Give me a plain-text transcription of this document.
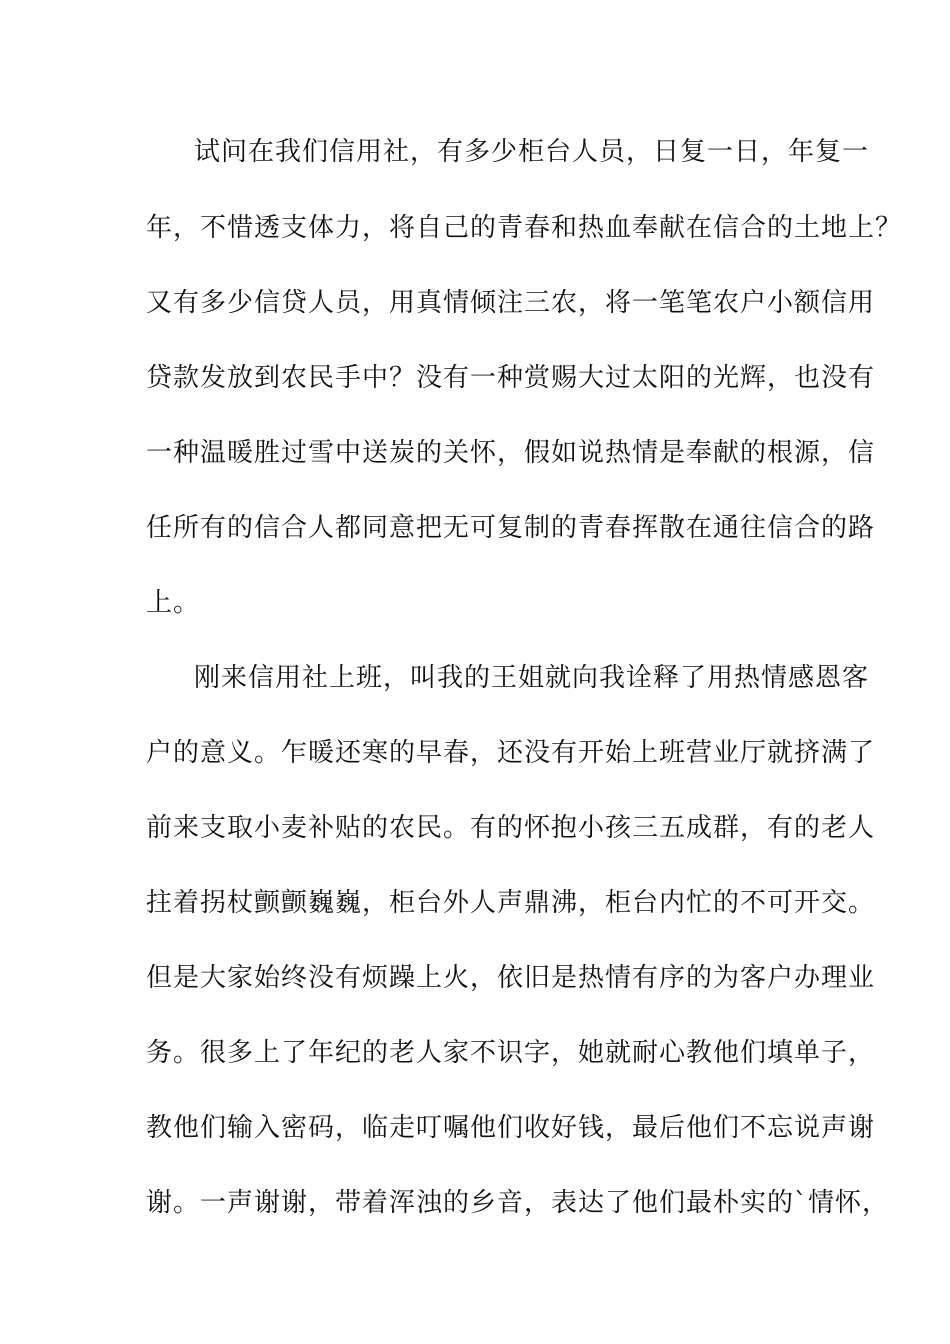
试问在我们信用社，有多少柜台人员，日复一日，年复一
年，不惜透支体力，将自己的青春和热血奉献在信合的土地上？
又有多少信贷人员，用真情倾注三农，将一笔笔农户小额信用
贷款发放到农民手中？没有一种赏赐大过太阳的光辉，也没有
一种温暖胜过雪中送炭的关怀，假如说热情是奉献的根源，信
任所有的信合人都同意把无可复制的青春挥散在通往信合的路
上。
刚来信用社上班，叫我的王姐就向我诠释了用热情感恩客
户的意义。乍暖还寒的早春，还没有开始上班营业厅就挤满了
前来支取小麦补贴的农民。有的怀抱小孩三五成群，有的老人
拄着拐杖颤颤巍巍，柜台外人声鼎沸，柜台内忙的不可开交。
但是大家始终没有烦躁上火，依旧是热情有序的为客户办理业
务。很多上了年纪的老人家不识字，她就耐心教他们填单子，
教他们输入密码，临走叮嘱他们收好钱，最后他们不忘说声谢
谢。一声谢谢，带着浑浊的乡音，表达了他们最朴实的`情怀，
